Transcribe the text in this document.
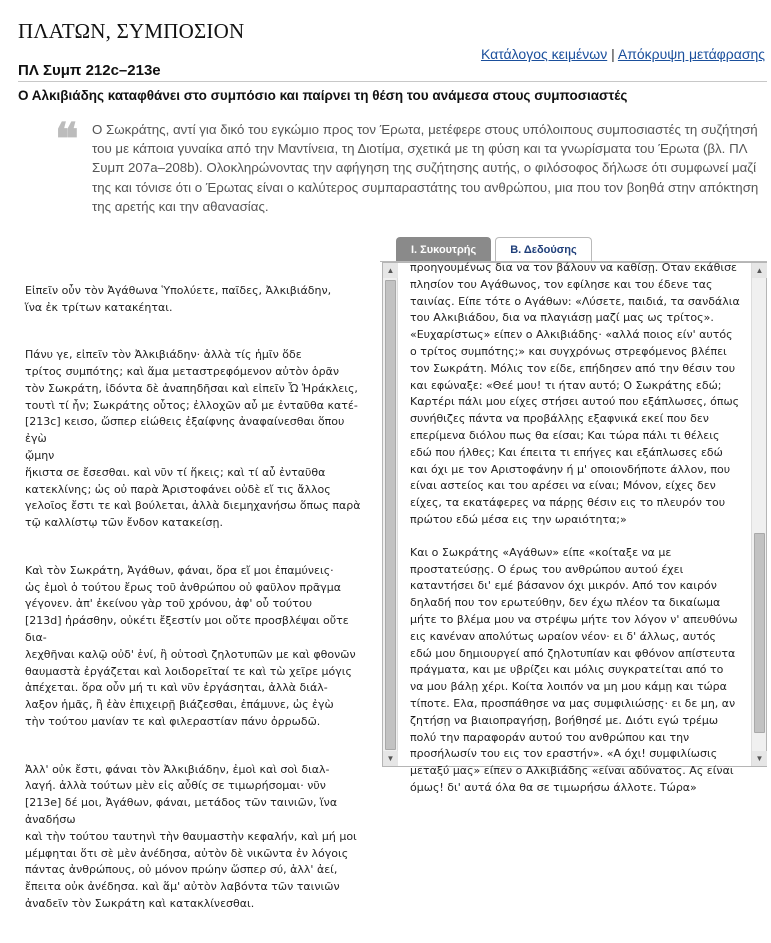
ΠΛΑΤΩΝ, ΣΥΜΠΟΣΙΟΝ
Κατάλογος κειμένων | Απόκρυψη μετάφρασης
ΠΛ Συμπ 212c–213e
Ο Αλκιβιάδης καταφθάνει στο συμπόσιο και παίρνει τη θέση του ανάμεσα στους συμποσιαστές
❝ Ο Σωκράτης, αντί για δικό του εγκώμιο προς τον Έρωτα, μετέφερε στους υπόλοιπους συμποσιαστές τη συζήτησή του με κάποια γυναίκα από την Μαντίνεια, τη Διοτίμα, σχετικά με τη φύση και τα γνωρίσματα του Έρωτα (βλ. ΠΛ Συμπ 207a–208b). Ολοκληρώνοντας την αφήγηση της συζήτησης αυτής, ο φιλόσοφος δήλωσε ότι συμφωνεί μαζί της και τόνισε ότι ο Έρωτας είναι ο καλύτερος συμπαραστάτης του ανθρώπου, μια που τον βοηθά στην απόκτηση της αρετής και την αθανασίας.
Ι. Συκουτρής	Β. Δεδούσης

Εἰπεῖν οὖν τὸν Ἀγάθωνα Ὑπολύετε, παῖδες, Ἀλκιβιάδην,
ἵνα ἐκ τρίτων κατακέηται.

Πάνυ γε, εἰπεῖν τὸν Ἀλκιβιάδην· ἀλλὰ τίς ἡμῖν ὅδε
τρίτος συμπότης; καὶ ἅμα μεταστρεφόμενον αὐτὸν ὁρᾶν
τὸν Σωκράτη, ἰδόντα δὲ ἀναπηδῆσαι καὶ εἰπεῖν Ὦ Ἡράκλεις,
τουτὶ τί ἦν; Σωκράτης οὗτος; ἐλλοχῶν αὖ με ἐνταῦθα κατέ-
[213c] κεισο, ὥσπερ εἰώθεις ἐξαίφνης ἀναφαίνεσθαι ὅπου ἐγὼ
ᾤμην
ἥκιστα σε ἔσεσθαι. καὶ νῦν τί ἥκεις; καὶ τί αὖ ἐνταῦθα
κατεκλίνης; ὡς οὐ παρὰ Ἀριστοφάνει οὐδὲ εἴ τις ἄλλος
γελοῖος ἔστι τε καὶ βούλεται, ἀλλὰ διεμηχανήσω ὅπως παρὰ
τῷ καλλίστῳ τῶν ἔνδον κατακείσῃ.

Καὶ τὸν Σωκράτη, Ἀγάθων, φάναι, ὅρα εἴ μοι ἐπαμύνεις·
ὡς ἐμοὶ ὁ τούτου ἔρως τοῦ ἀνθρώπου οὐ φαῦλον πρᾶγμα
γέγονεν. ἀπ' ἐκείνου γὰρ τοῦ χρόνου, ἀφ' οὗ τούτου
[213d] ἠράσθην, οὐκέτι ἔξεστίν μοι οὔτε προσβλέψαι οὔτε δια-
λεχθῆναι καλῷ οὐδ' ἑνί, ἢ οὑτοσὶ ζηλοτυπῶν με καὶ φθονῶν
θαυμαστὰ ἐργάζεται καὶ λοιδορεῖταί τε καὶ τὼ χεῖρε μόγις
ἀπέχεται. ὅρα οὖν μή τι καὶ νῦν ἐργάσηται, ἀλλὰ διάλ-
λαξον ἡμᾶς, ἢ ἐὰν ἐπιχειρῇ βιάζεσθαι, ἐπάμυνε, ὡς ἐγὼ
τὴν τούτου μανίαν τε καὶ φιλεραστίαν πάνυ ὀρρωδῶ.

Ἀλλ' οὐκ ἔστι, φάναι τὸν Ἀλκιβιάδην, ἐμοὶ καὶ σοὶ διαλ-
λαγή. ἀλλὰ τούτων μὲν εἰς αὖθίς σε τιμωρήσομαι· νῦν
[213e] δέ μοι, Ἀγάθων, φάναι, μετάδος τῶν ταινιῶν, ἵνα ἀναδήσω
καὶ τὴν τούτου ταυτηνὶ τὴν θαυμαστὴν κεφαλήν, καὶ μή μοι
μέμφηται ὅτι σὲ μὲν ἀνέδησα, αὐτὸν δὲ νικῶντα ἐν λόγοις
πάντας ἀνθρώπους, οὐ μόνον πρώην ὥσπερ σύ, ἀλλ' ἀεί,
ἔπειτα οὐκ ἀνέδησα. καὶ ἅμ' αὐτὸν λαβόντα τῶν ταινιῶν
ἀναδεῖν τὸν Σωκράτη καὶ κατακλίνεσθαι.

▲
▼

προηγουμένως δια να τον βάλουν να καθίσῃ. Οταν εκάθισε πλησίον του Αγάθωνος, τον εφίλησε και του έδενε τας ταινίας. Είπε τότε ο Αγάθων: «Λύσετε, παιδιά, τα σανδάλια του Αλκιβιάδου, δια να πλαγιάσῃ μαζί μας ως τρίτος». «Ευχαρίστως» είπεν ο Αλκιβιάδης· «αλλά ποιος είν' αυτός ο τρίτος συμπότης;» και συγχρόνως στρεφόμενος βλέπει τον Σωκράτη. Μόλις τον είδε, επήδησεν από την θέσιν του και εφώναξε: «Θεέ μου! τι ήταν αυτό; Ο Σωκράτης εδώ; Καρτέρι πάλι μου είχες στήσει αυτού που εξάπλωσες, όπως συνήθιζες πάντα να προβάλλῃς εξαφνικά εκεί που δεν επερίμενα διόλου πως θα είσαι; Και τώρα πάλι τι θέλεις εδώ που ήλθες; Και έπειτα τι επήγες και εξάπλωσες εδώ και όχι με τον Αριστοφάνην ή μ' οποιονδήποτε άλλον, που είναι αστείος και του αρέσει να είναι; Μόνον, είχες δεν είχες, τα εκατάφερες να πάρῃς θέσιν εις το πλευρόν του πρώτου εδώ μέσα εις την ωραιότητα;»

Και ο Σωκράτης «Αγάθων» είπε «κοίταξε να με προστατεύσῃς. Ο έρως του ανθρώπου αυτού έχει καταντήσει δι' εμέ βάσανον όχι μικρόν. Από τον καιρόν δηλαδή που τον ερωτεύθην, δεν έχω πλέον τα δικαίωμα μήτε το βλέμα μου να στρέψω μήτε τον λόγον ν' απευθύνω εις κανέναν απολύτως ωραίον νέον· ει δ' άλλως, αυτός εδώ μου δημιουργεί από ζηλοτυπίαν και φθόνον απίστευτα πράγματα, και με υβρίζει και μόλις συγκρατείται από το να μου βάλῃ χέρι. Κοίτα λοιπόν να μη μου κάμῃ και τώρα τίποτε. Ελα, προσπάθησε να μας συμφιλιώσῃς· ει δε μη, αν ζητήσῃ να βιαιοπραγήσῃ, βοήθησέ με. Διότι εγώ τρέμω πολύ την παραφοράν αυτού του ανθρώπου και την προσήλωσίν του εις τον εραστήν». «Α όχι! συμφιλίωσις μεταξύ μας» είπεν ο Αλκιβιάδης «είναι αδύνατος. Ας είναι όμως! δι' αυτά όλα θα σε τιμωρήσω άλλοτε. Τώρα»

▲
▼
